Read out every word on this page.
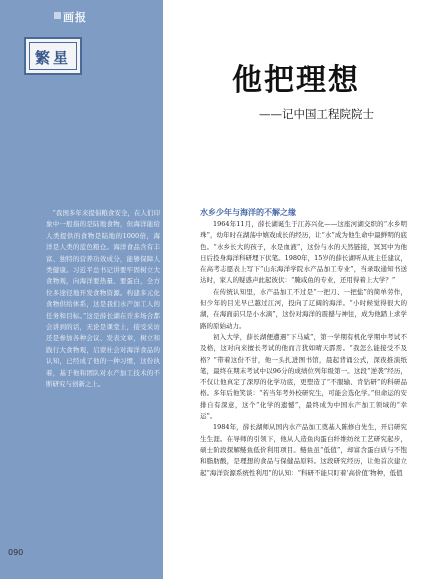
画报
繁星
“我国多年来提倡粮食安全，在人们印象中一般指的是陆地食物，但海洋能给人类提供的食物是陆地的1000倍，海洋是人类的蓝色粮仓。海洋食品含有丰富、独特的营养功效成分，能够保障人类健康。习近平总书记讲要牢固树立大食物观，向海洋要热量、要蛋白，全方位多途径地开发食物资源。构建多元化食物供给体系，这是我们水产加工人的任务和目标。”这是薛长湖在许多场合都会讲到的话，无论是课堂上，接受采访还是参加各种会议、发表文章，树立和践行大食物观，启蒙社会对海洋食品的认知，已经成了他的一种习惯，这份执着，基于他和团队对水产加工技术的不断研究与创新之上。
090
他把理想
——记中国工程院院士
水乡少年与海洋的不解之缘

1964年11月，薛长湖诞生于江苏兴化——这座河湖交织的“水乡明珠”，幼年时在湖荡中嬉戏成长的经历，让“水”成为他生命中最鲜明的底色。“水乡长大的孩子，水是血液”，这份与水的天然链接，冥冥中为他日后投身海洋科研埋下伏笔。1980年，15岁的薛长湖听从班主任建议，在高考志愿表上写下“山东海洋学院水产品加工专业”，当录取通知书送达时，家人的疑惑声此起彼伏：“腌咸鱼的专业，还用得着上大学？”

在传统认知里，水产品加工不过是“一把刀、一把盐”的简单劳作，但少年的目光早已越过江河，投向了辽阔的海洋。“小时候觉得很大的湖，在海面前只是小水滴”，这份对海洋的震撼与神往，成为他踏上求学路的原始动力。

初入大学，薛长湖便遭遇“下马威”，第一学期有机化学期中考试不及格，这对向来擅长考试的他而言犹如晴天霹雳。“我怎么能接受不及格？”带着这份不甘，他一头扎进图书馆，晨起背诵公式，深夜推演纸笔，最终在期末考试中以96分的成绩位列年级第一。这段“逆袭”经历，不仅让他真定了深厚的化学功底，更塑造了“不服输、肯钻研”的科研品格。多年后他笑谈：“若当年考外校研究生，可能会选化学。”但命运的安排自有深意，这个“化学的遗憾”，最终成为中国水产加工领域的“幸运”。

1984年，薛长湖师从国内水产品加工奠基人陈修白先生，开启研究生生涯。在导师的引领下，他从人造鱼肉蛋白纤维纺丝工艺研究起步，硕士阶段探解鲢鱼低价利用项目。鲢鱼虽“低值”，却富含蛋白质与不饱和脂肪酸，是理想的食品与保健品原料。这段研究经历，让他首次建立起“海洋资源系统性利用”的认知：“科研不能只盯着‘高价值’物种，低值
